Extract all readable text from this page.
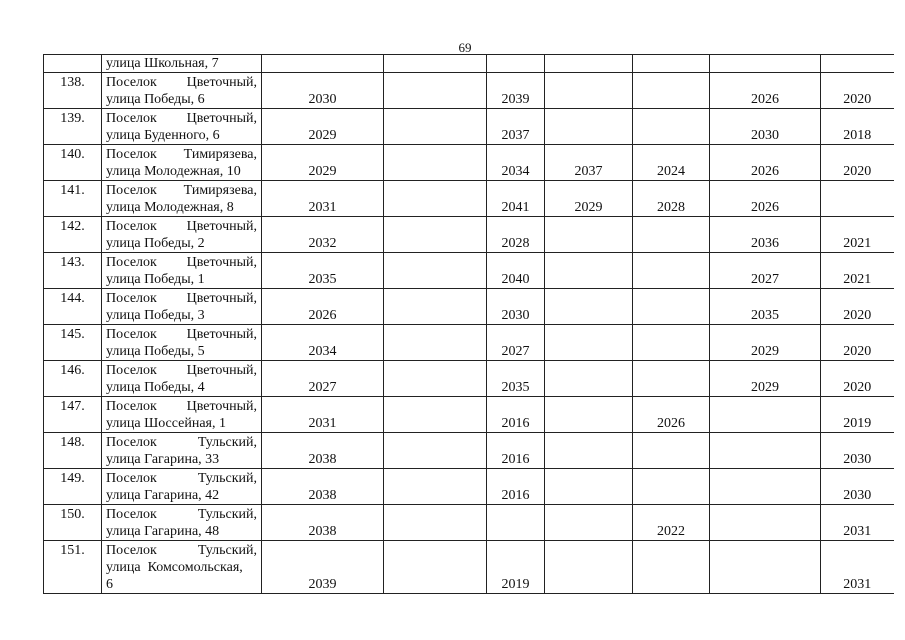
69
	улица Школьная, 7							
138.	Поселок Цветочный,
улица Победы, 6	2030		2039			2026	2020
139.	Поселок Цветочный,
улица Буденного, 6	2029		2037			2030	2018
140.	Поселок Тимирязева,
улица Молодежная, 10	2029		2034	2037	2024	2026	2020
141.	Поселок Тимирязева,
улица Молодежная, 8	2031		2041	2029	2028	2026	
142.	Поселок Цветочный,
улица Победы, 2	2032		2028			2036	2021
143.	Поселок Цветочный,
улица Победы, 1	2035		2040			2027	2021
144.	Поселок Цветочный,
улица Победы, 3	2026		2030			2035	2020
145.	Поселок Цветочный,
улица Победы, 5	2034		2027			2029	2020
146.	Поселок Цветочный,
улица Победы, 4	2027		2035			2029	2020
147.	Поселок Цветочный,
улица Шоссейная, 1	2031		2016		2026		2019
148.	Поселок Тульский,
улица Гагарина, 33	2038		2016				2030
149.	Поселок Тульский,
улица Гагарина, 42	2038		2016				2030
150.	Поселок Тульский,
улица Гагарина, 48	2038				2022		2031
151.	Поселок Тульский,
улица  Комсомольская,
6	2039		2019				2031
